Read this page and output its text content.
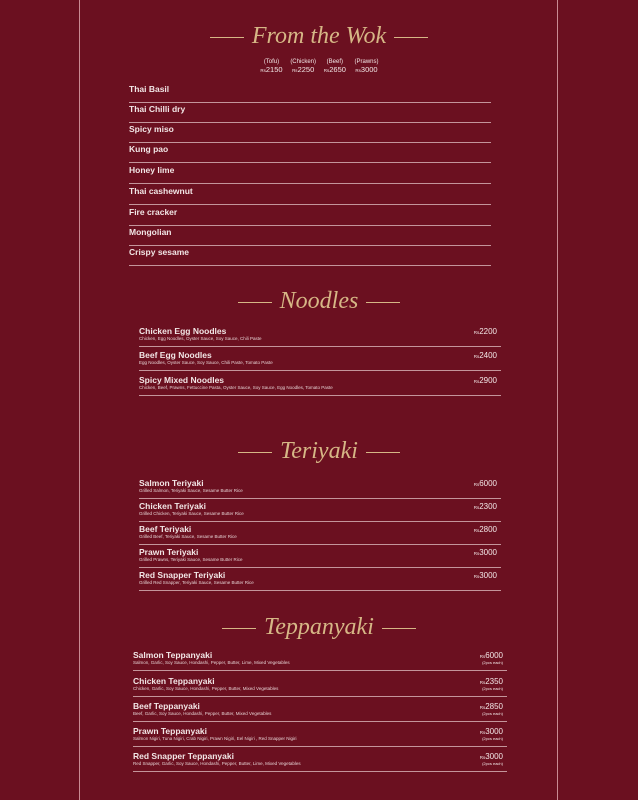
From the Wok
(Tofu)
Rs2150 (Chicken)
Rs2250 (Beef)
Rs2650 (Prawns)
Rs3000
Thai Basil
Thai Chilli dry
Spicy miso
Kung pao
Honey lime
Thai cashewnut
Fire cracker
Mongolian
Crispy sesame
Noodles
Chicken Egg Noodles
Chicken, Egg Noodles, Oyster Sauce, Soy Sauce, Chili Paste
Rs2200
Beef Egg Noodles
Egg Noodles, Oyster Sauce, Soy Sauce, Chili Paste, Tomato Paste
Rs2400
Spicy Mixed Noodles
Chicken, Beef, Prawns, Fettuccine Pasta, Oyster Sauce, Soy Sauce, Egg Noodles, Tomato Paste
Rs2900
Teriyaki
Salmon Teriyaki
Grilled Salmon, Teriyaki Sauce, Sesame Butter Rice
Rs6000
Chicken Teriyaki
Grilled Chicken, Teriyaki Sauce, Sesame Butter Rice
Rs2300
Beef Teriyaki
Grilled Beef, Teriyaki Sauce, Sesame Butter Rice
Rs2800
Prawn Teriyaki
Grilled Prawns, Teriyaki Sauce, Sesame Butter Rice
Rs3000
Red Snapper Teriyaki
Grilled Red Snapper, Teriyaki Sauce, Sesame Butter Rice
Rs3000
Teppanyaki
Salmon Teppanyaki
Salmon, Garlic, Soy Sauce, Hondashi, Pepper, Butter, Lime, Mixed Vegetables
Rs6000
(2pcs each)
Chicken Teppanyaki
Chicken, Garlic, Soy Sauce, Hondashi, Pepper, Butter, Mixed Vegetables
Rs2350
(2pcs each)
Beef Teppanyaki
Beef, Garlic, Soy Sauce, Hondashi, Pepper, Butter, Mixed Vegetables
Rs2850
(2pcs each)
Prawn Teppanyaki
Salmon Nigiri, Tuna Nigiri, Crab Nigiri, Prawn Nigiri, Eel Nigiri , Red Snapper Nigiri
Rs3000
(2pcs each)
Red Snapper Teppanyaki
Red Snapper, Garlic, Soy Sauce, Hondashi, Pepper, Butter, Lime, Mixed Vegetables
Rs3000
(2pcs each)
